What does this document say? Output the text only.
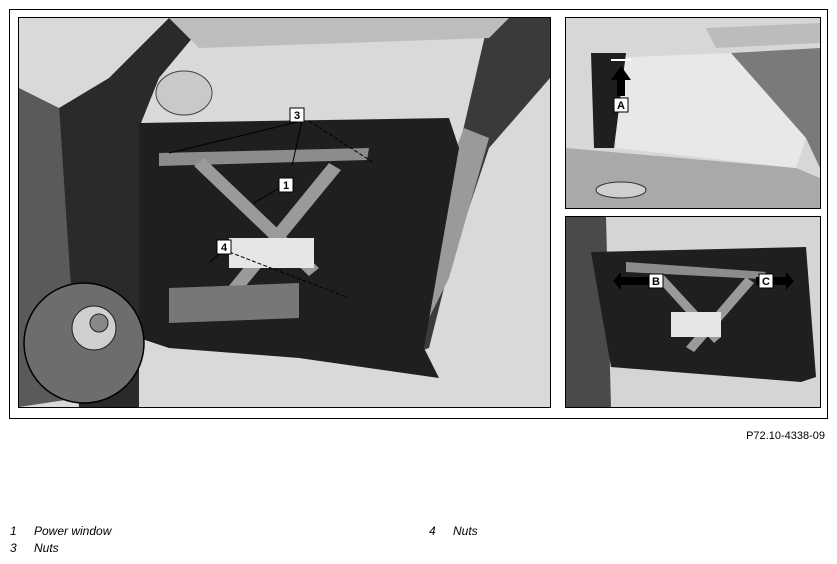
3
1
4
A
B	C
P72.10-4338-09
1 Power window
3 Nuts
4 Nuts
